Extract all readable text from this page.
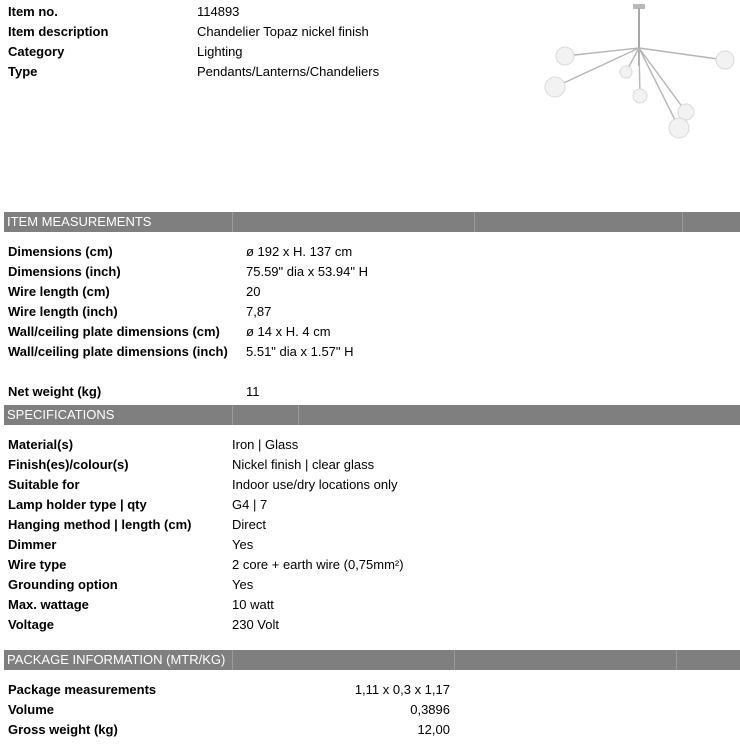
Item no.	114893
Item description	Chandelier Topaz nickel finish
Category	Lighting
Type	Pendants/Lanterns/Chandeliers
ITEM MEASUREMENTS
Dimensions (cm)	ø 192 x H. 137 cm
Dimensions (inch)	75.59" dia x 53.94" H
Wire length (cm)	20
Wire length (inch)	7,87
Wall/ceiling plate dimensions (cm) ø 14 x H. 4 cm
Wall/ceiling plate dimensions (inch) 5.51" dia x 1.57" H
Net weight (kg)	11
SPECIFICATIONS
Material(s)	Iron | Glass
Finish(es)/colour(s)	Nickel finish | clear glass
Suitable for	Indoor use/dry locations only
Lamp holder type | qty	G4 | 7
Hanging method | length (cm)	Direct
Dimmer	Yes
Wire type	2 core + earth wire (0,75mm²)
Grounding option	Yes
Max. wattage	10 watt
Voltage	230 Volt
PACKAGE INFORMATION (MTR/KG)
Package measurements	1,11 x 0,3 x 1,17
Volume	0,3896
Gross weight (kg)	12,00
